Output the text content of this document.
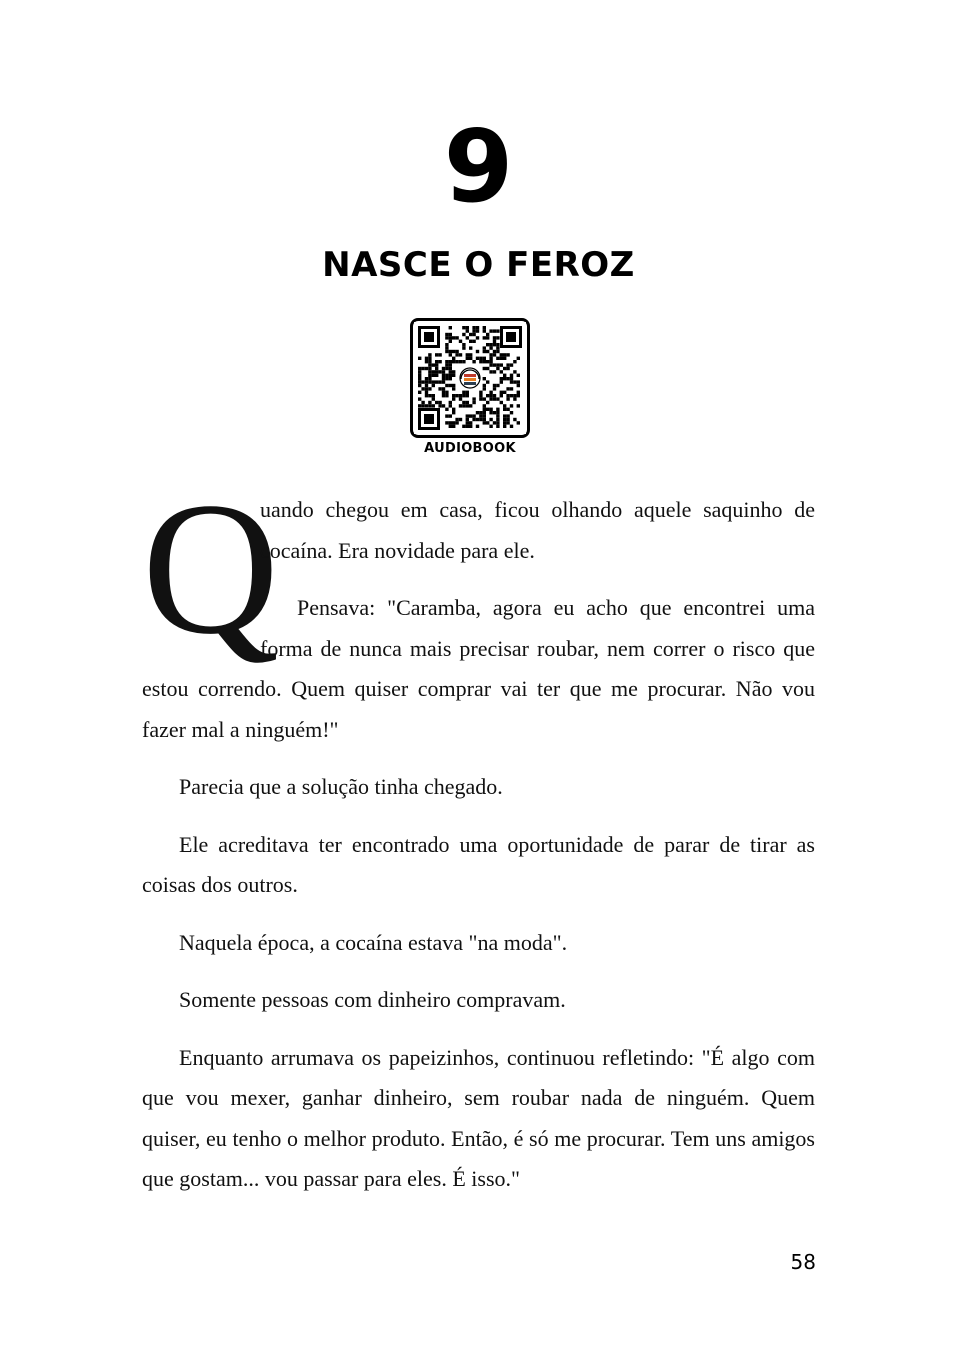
9
NASCE O FEROZ
AUDIOBOOK
Q

uando chegou em casa, ficou olhando aquele saquinho de cocaína. Era novidade para ele.

Pensava: "Caramba, agora eu acho que encontrei uma forma de nunca mais precisar roubar, nem correr o risco que estou correndo. Quem quiser comprar vai ter que me procurar. Não vou fazer mal a ninguém!"

Parecia que a solução tinha chegado.

Ele acreditava ter encontrado uma oportunidade de parar de tirar as coisas dos outros.

Naquela época, a cocaína estava "na moda".

Somente pessoas com dinheiro compravam.

Enquanto arrumava os papeizinhos, continuou refletindo: "É algo com que vou mexer, ganhar dinheiro, sem roubar nada de ninguém. Quem quiser, eu tenho o melhor produto. Então, é só me procurar. Tem uns amigos que gostam... vou passar para eles. É isso."

58
